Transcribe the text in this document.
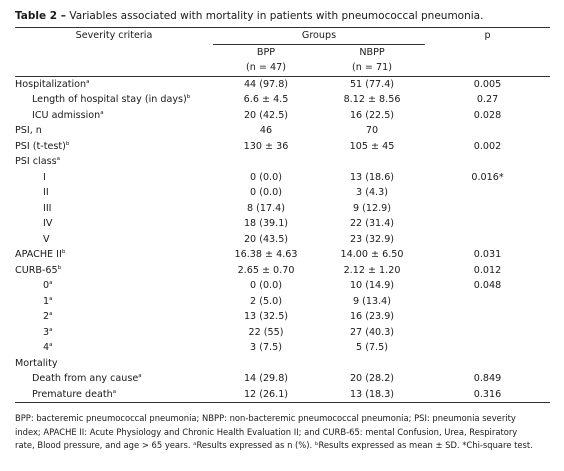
Table 2 – Variables associated with mortality in patients with pneumococcal pneumonia.
Severity criteria	Groups		p
	BPP	NBPP	
	(n = 47)	(n = 71)	
Hospitalization$^a$	44 (97.8)	51 (77.4)	0.005
Length of hospital stay (in days)$^b$	6.6 ± 4.5	8.12 ± 8.56	0.27
ICU admission$^a$	20 (42.5)	16 (22.5)	0.028
PSI, n	46	70	
PSI (t-test)$^b$	130 ± 36	105 ± 45	0.002
PSI class$^a$			
I	0 (0.0)	13 (18.6)	0.016*
II	0 (0.0)	3 (4.3)	
III	8 (17.4)	9 (12.9)	
IV	18 (39.1)	22 (31.4)	
V	20 (43.5)	23 (32.9)	
APACHE $II^b$	16.38 ± 4.63	14.00 ± 6.50	0.031
CURB-65$^b$	2.65 ± 0.70	2.12 ± 1.20	0.012
0$^a$	0 (0.0)	10 (14.9)	0.048
1$^a$	2 (5.0)	9 (13.4)	
2$^a$	13 (32.5)	16 (23.9)	
3$^a$	22 (55)	27 (40.3)	
4$^a$	3 (7.5)	5 (7.5)	
Mortality			
Death from any cause$^a$	14 (29.8)	20 (28.2)	0.849
Premature death$^a$	12 (26.1)	13 (18.3)	0.316
BPP: bacteremic pneumococcal pneumonia; NBPP: non-bacteremic pneumococcal pneumonia; PSI: pneumonia severity
index; APACHE II: Acute Physiology and Chronic Health Evaluation II; and CURB-65: mental Confusion, Urea, Respiratory
rate, Blood pressure, and age > 65 years. ᵃResults expressed as n (%). ᵇResults expressed as mean ± SD. *Chi-square test.
